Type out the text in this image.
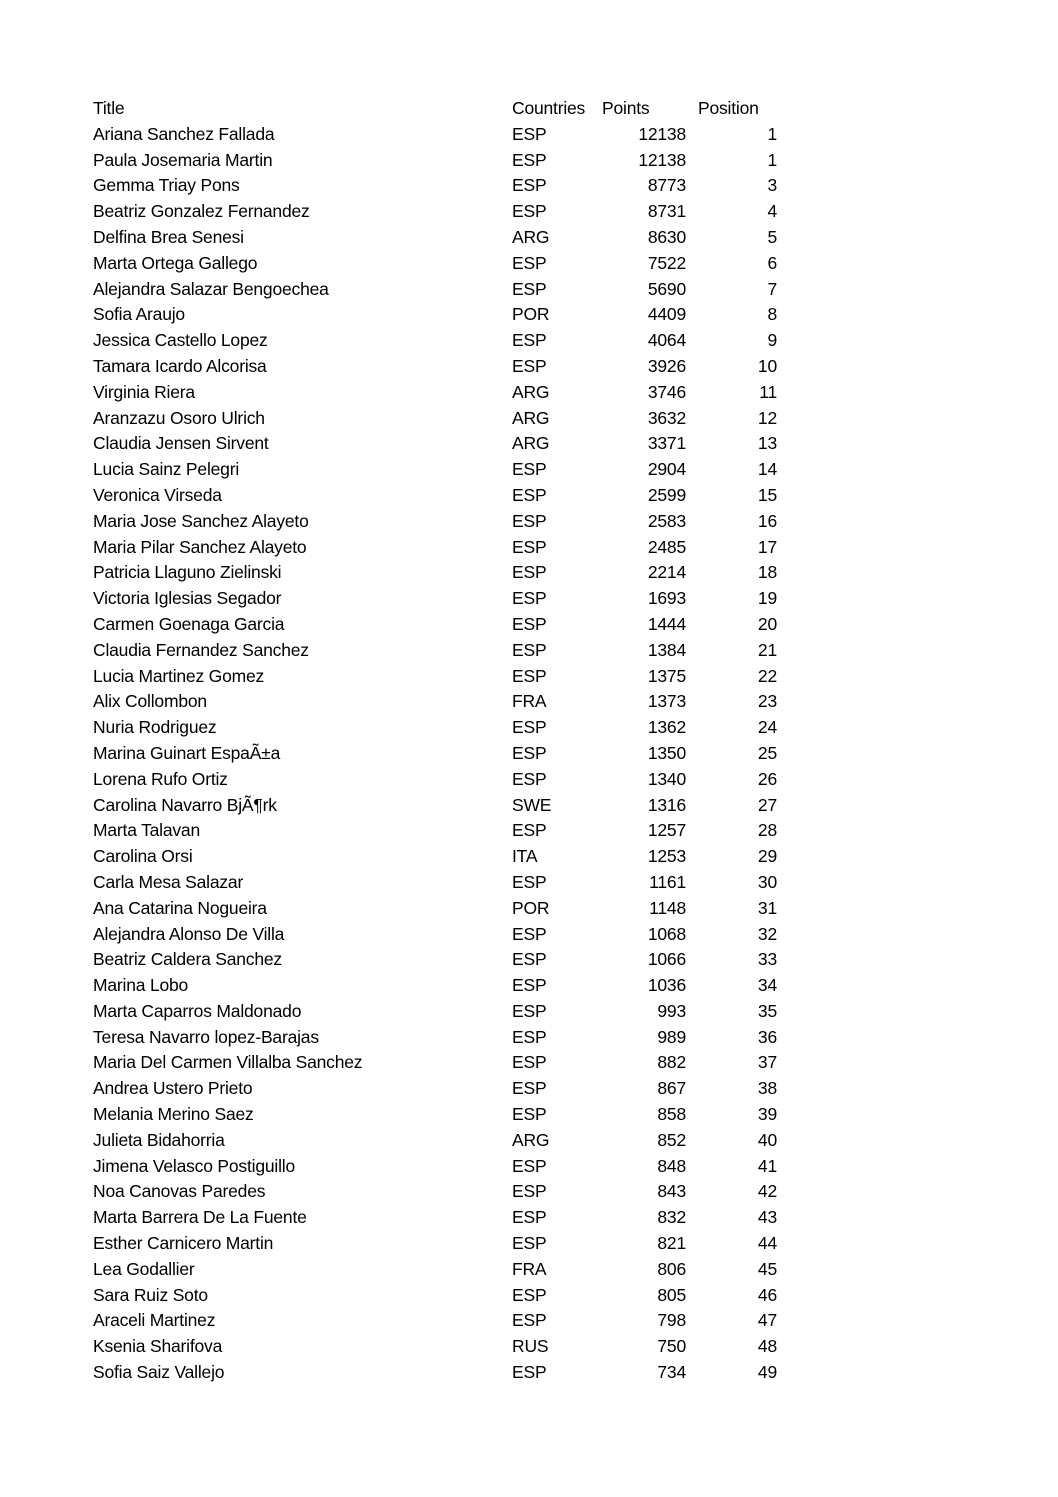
Title	Countries	Points	Position
Ariana Sanchez Fallada	ESP	12138	1
Paula Josemaria Martin	ESP	12138	1
Gemma Triay Pons	ESP	8773	3
Beatriz Gonzalez Fernandez	ESP	8731	4
Delfina Brea Senesi	ARG	8630	5
Marta Ortega Gallego	ESP	7522	6
Alejandra Salazar Bengoechea	ESP	5690	7
Sofia Araujo	POR	4409	8
Jessica Castello Lopez	ESP	4064	9
Tamara Icardo Alcorisa	ESP	3926	10
Virginia Riera	ARG	3746	11
Aranzazu Osoro Ulrich	ARG	3632	12
Claudia Jensen Sirvent	ARG	3371	13
Lucia Sainz Pelegri	ESP	2904	14
Veronica Virseda	ESP	2599	15
Maria Jose Sanchez Alayeto	ESP	2583	16
Maria Pilar Sanchez Alayeto	ESP	2485	17
Patricia Llaguno Zielinski	ESP	2214	18
Victoria Iglesias Segador	ESP	1693	19
Carmen Goenaga Garcia	ESP	1444	20
Claudia Fernandez Sanchez	ESP	1384	21
Lucia Martinez Gomez	ESP	1375	22
Alix Collombon	FRA	1373	23
Nuria Rodriguez	ESP	1362	24
Marina Guinart EspaÃ±a	ESP	1350	25
Lorena Rufo Ortiz	ESP	1340	26
Carolina Navarro BjÃ¶rk	SWE	1316	27
Marta Talavan	ESP	1257	28
Carolina Orsi	ITA	1253	29
Carla Mesa Salazar	ESP	1161	30
Ana Catarina Nogueira	POR	1148	31
Alejandra Alonso De Villa	ESP	1068	32
Beatriz Caldera Sanchez	ESP	1066	33
Marina Lobo	ESP	1036	34
Marta Caparros Maldonado	ESP	993	35
Teresa Navarro lopez-Barajas	ESP	989	36
Maria Del Carmen Villalba Sanchez	ESP	882	37
Andrea Ustero Prieto	ESP	867	38
Melania Merino Saez	ESP	858	39
Julieta Bidahorria	ARG	852	40
Jimena Velasco Postiguillo	ESP	848	41
Noa Canovas Paredes	ESP	843	42
Marta Barrera De La Fuente	ESP	832	43
Esther Carnicero Martin	ESP	821	44
Lea Godallier	FRA	806	45
Sara Ruiz Soto	ESP	805	46
Araceli Martinez	ESP	798	47
Ksenia Sharifova	RUS	750	48
Sofia Saiz Vallejo	ESP	734	49
